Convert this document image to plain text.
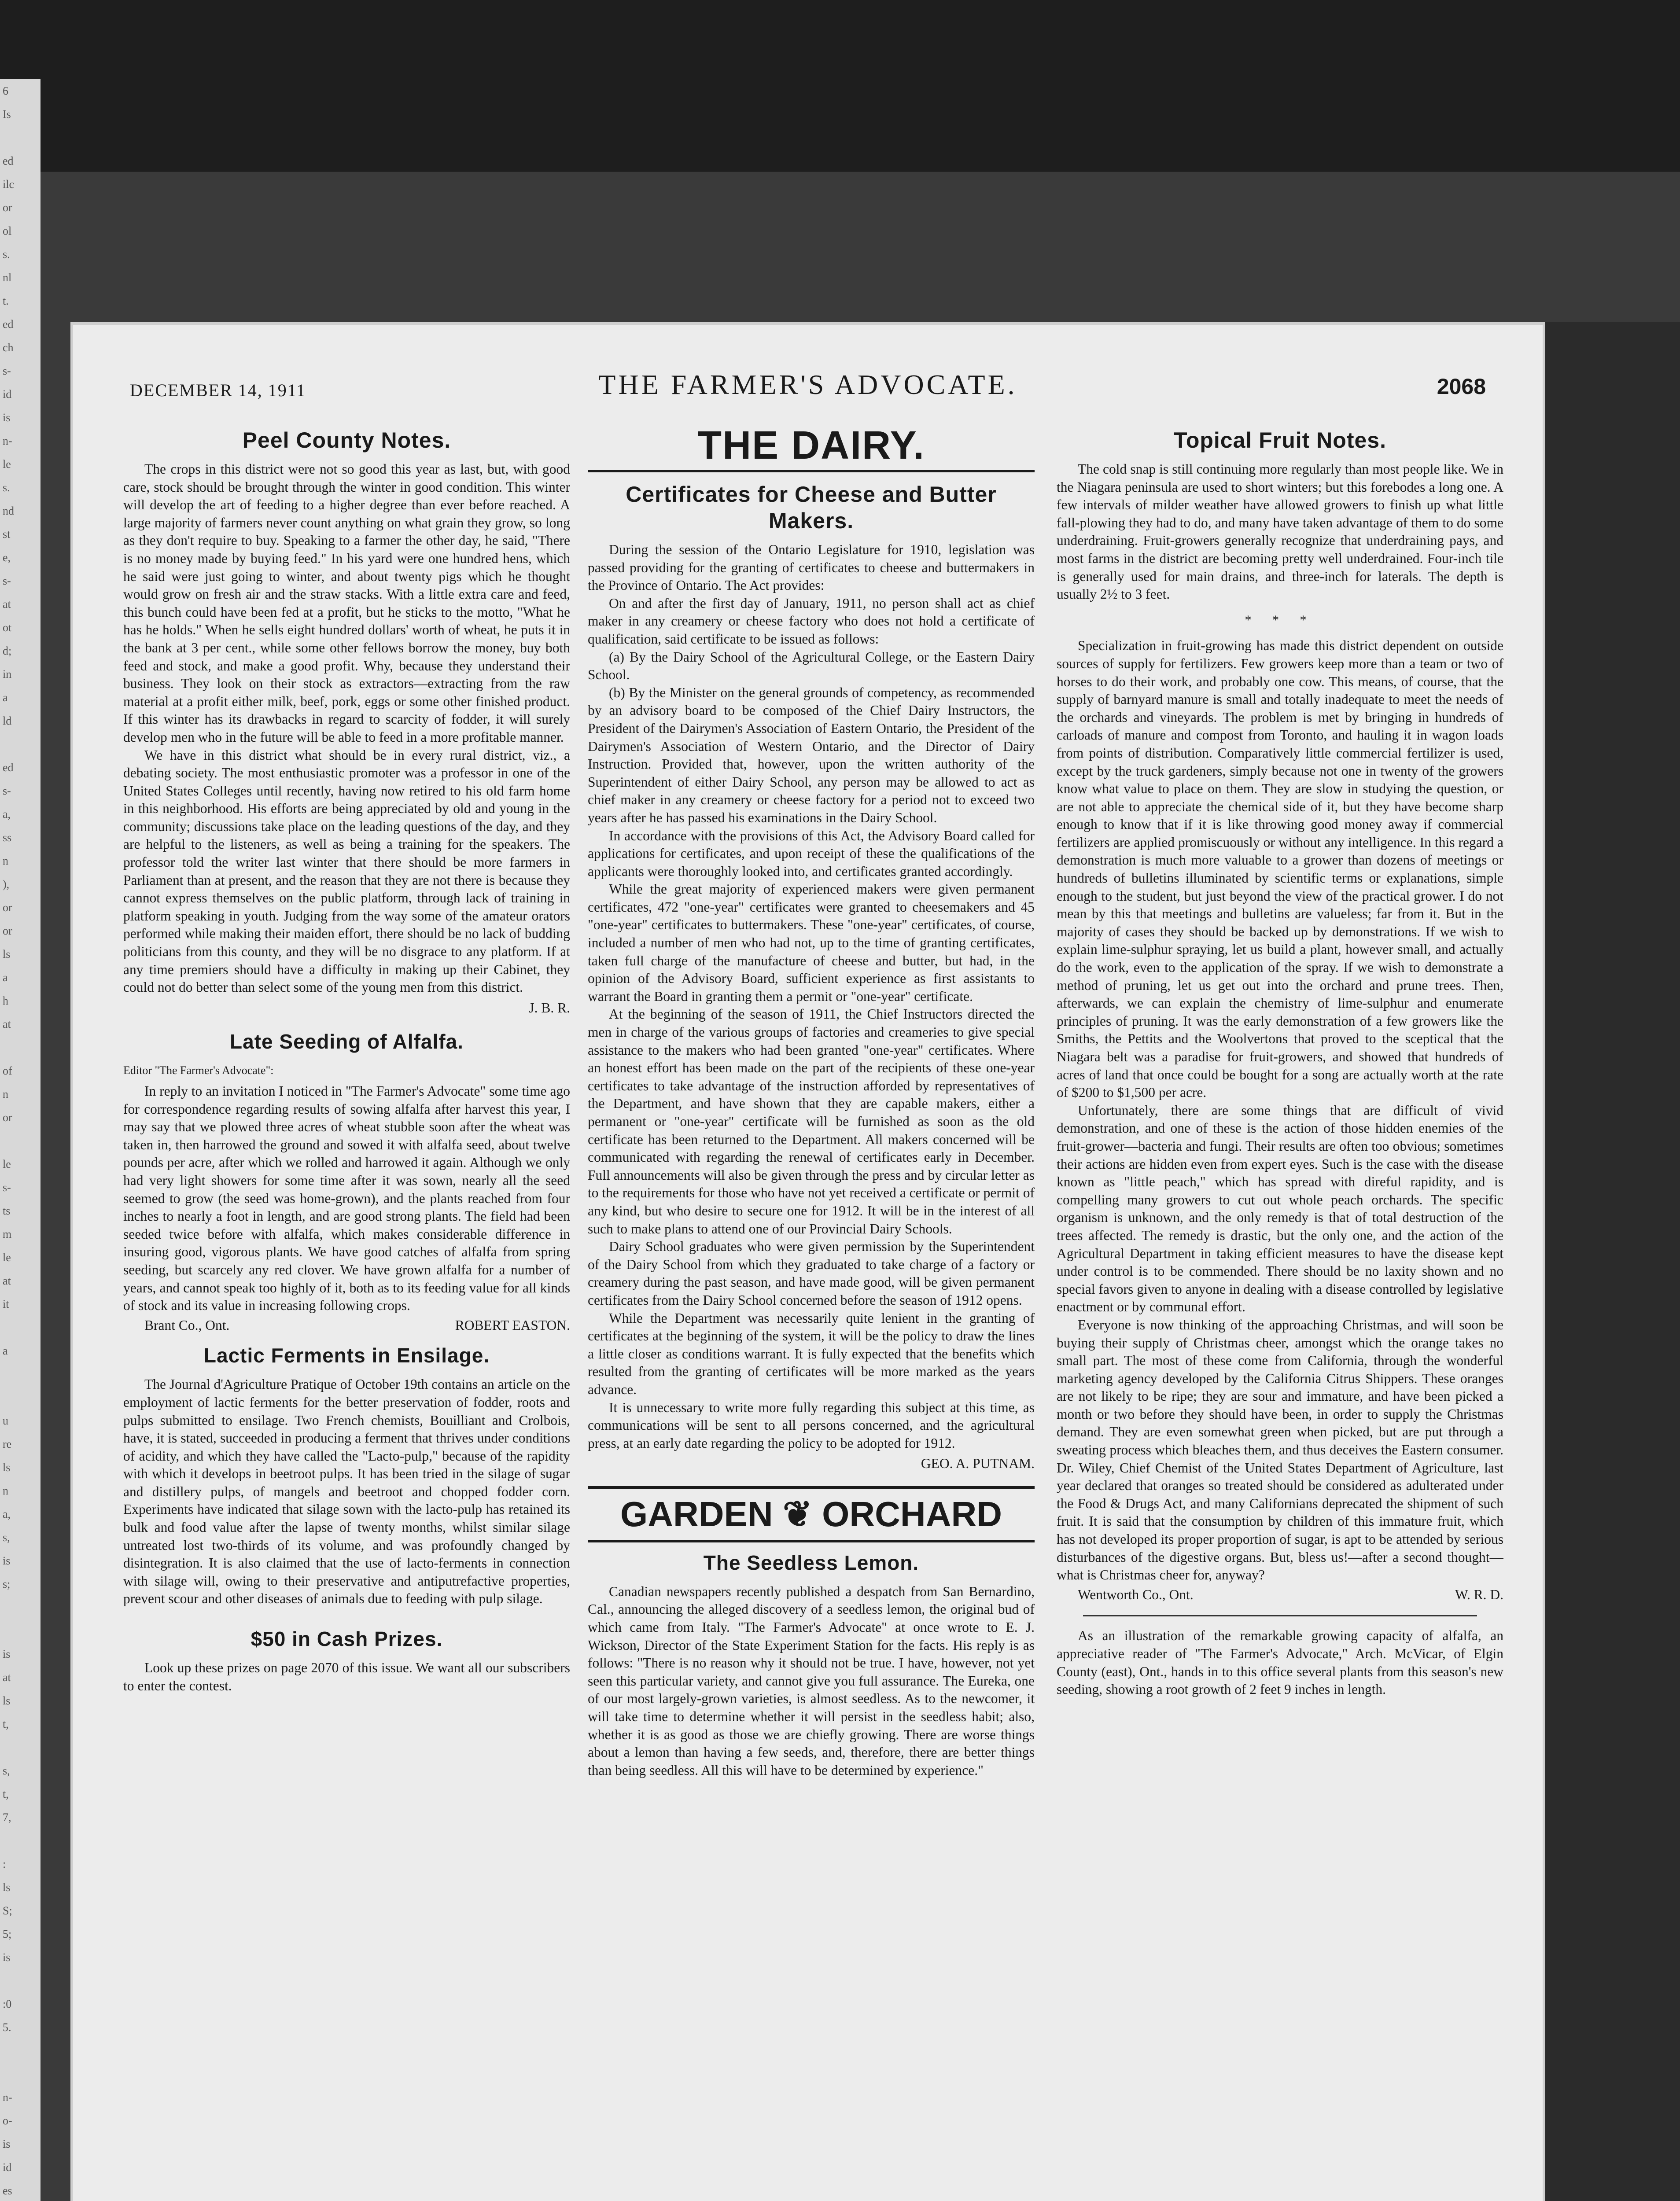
6
Is

ed
ilc
or
ol
s.
nl
t.
ed
ch
s-
id
is
n-
le
s.
nd
st
e,
s-
at
ot
d;
in
a
ld

ed
s-
a,
ss
n
),
or
or
ls
a
h
at

of
n
or

le
s-
ts
m
le
at
it

a

u
re
ls
n
a,
s,
is
s;

is
at
ls
t,

s,
t,
7,

:
ls
S;
5;
is

:0
5.

n-
o-
is
id
es
DECEMBER 14, 1911	THE FARMER'S ADVOCATE.	2068
Peel County Notes.

The crops in this district were not so good this year as last, but, with good care, stock should be brought through the winter in good condition. This winter will develop the art of feeding to a higher degree than ever before reached. A large majority of farmers never count anything on what grain they grow, so long as they don't require to buy. Speaking to a farmer the other day, he said, "There is no money made by buying feed." In his yard were one hundred hens, which he said were just going to winter, and about twenty pigs which he thought would grow on fresh air and the straw stacks. With a little extra care and feed, this bunch could have been fed at a profit, but he sticks to the motto, "What he has he holds." When he sells eight hundred dollars' worth of wheat, he puts it in the bank at 3 per cent., while some other fellows borrow the money, buy both feed and stock, and make a good profit. Why, because they understand their business. They look on their stock as extractors—extracting from the raw material at a profit either milk, beef, pork, eggs or some other finished product. If this winter has its drawbacks in regard to scarcity of fodder, it will surely develop men who in the future will be able to feed in a more profitable manner.

We have in this district what should be in every rural district, viz., a debating society. The most enthusiastic promoter was a professor in one of the United States Colleges until recently, having now retired to his old farm home in this neighborhood. His efforts are being appreciated by old and young in the community; discussions take place on the leading questions of the day, and they are helpful to the listeners, as well as being a training for the speakers. The professor told the writer last winter that there should be more farmers in Parliament than at present, and the reason that they are not there is because they cannot express themselves on the public platform, through lack of training in platform speaking in youth. Judging from the way some of the amateur orators performed while making their maiden effort, there should be no lack of budding politicians from this county, and they will be no disgrace to any platform. If at any time premiers should have a difficulty in making up their Cabinet, they could not do better than select some of the young men from this district.

J. B. R.

Late Seeding of Alfalfa.

Editor "The Farmer's Advocate":

In reply to an invitation I noticed in "The Farmer's Advocate" some time ago for correspondence regarding results of sowing alfalfa after harvest this year, I may say that we plowed three acres of wheat stubble soon after the wheat was taken in, then harrowed the ground and sowed it with alfalfa seed, about twelve pounds per acre, after which we rolled and harrowed it again. Although we only had very light showers for some time after it was sown, nearly all the seed seemed to grow (the seed was home-grown), and the plants reached from four inches to nearly a foot in length, and are good strong plants. The field had been seeded twice before with alfalfa, which makes considerable difference in insuring good, vigorous plants. We have good catches of alfalfa from spring seeding, but scarcely any red clover. We have grown alfalfa for a number of years, and cannot speak too highly of it, both as to its feeding value for all kinds of stock and its value in increasing following crops.

Brant Co., Ont.	ROBERT EASTON.
Lactic Ferments in Ensilage.

The Journal d'Agriculture Pratique of October 19th contains an article on the employment of lactic ferments for the better preservation of fodder, roots and pulps submitted to ensilage. Two French chemists, Bouilliant and Crolbois, have, it is stated, succeeded in producing a ferment that thrives under conditions of acidity, and which they have called the "Lacto-pulp," because of the rapidity with which it develops in beetroot pulps. It has been tried in the silage of sugar and distillery pulps, of mangels and beetroot and chopped fodder corn. Experiments have indicated that silage sown with the lacto-pulp has retained its bulk and food value after the lapse of twenty months, whilst similar silage untreated lost two-thirds of its volume, and was profoundly changed by disintegration. It is also claimed that the use of lacto-ferments in connection with silage will, owing to their preservative and antiputrefactive properties, prevent scour and other diseases of animals due to feeding with pulp silage.

$50 in Cash Prizes.

Look up these prizes on page 2070 of this issue. We want all our subscribers to enter the contest.

THE DAIRY.
Certificates for Cheese and Butter Makers.

During the session of the Ontario Legislature for 1910, legislation was passed providing for the granting of certificates to cheese and buttermakers in the Province of Ontario. The Act provides:

On and after the first day of January, 1911, no person shall act as chief maker in any creamery or cheese factory who does not hold a certificate of qualification, said certificate to be issued as follows:

(a) By the Dairy School of the Agricultural College, or the Eastern Dairy School.

(b) By the Minister on the general grounds of competency, as recommended by an advisory board to be composed of the Chief Dairy Instructors, the President of the Dairymen's Association of Eastern Ontario, the President of the Dairymen's Association of Western Ontario, and the Director of Dairy Instruction. Provided that, however, upon the written authority of the Superintendent of either Dairy School, any person may be allowed to act as chief maker in any creamery or cheese factory for a period not to exceed two years after he has passed his examinations in the Dairy School.

In accordance with the provisions of this Act, the Advisory Board called for applications for certificates, and upon receipt of these the qualifications of the applicants were thoroughly looked into, and certificates granted accordingly.

While the great majority of experienced makers were given permanent certificates, 472 "one-year" certificates were granted to cheesemakers and 45 "one-year" certificates to buttermakers. These "one-year" certificates, of course, included a number of men who had not, up to the time of granting certificates, taken full charge of the manufacture of cheese and butter, but had, in the opinion of the Advisory Board, sufficient experience as first assistants to warrant the Board in granting them a permit or "one-year" certificate.

At the beginning of the season of 1911, the Chief Instructors directed the men in charge of the various groups of factories and creameries to give special assistance to the makers who had been granted "one-year" certificates. Where an honest effort has been made on the part of the recipients of these one-year certificates to take advantage of the instruction afforded by representatives of the Department, and have shown that they are capable makers, either a permanent or "one-year" certificate will be furnished as soon as the old certificate has been returned to the Department. All makers concerned will be communicated with regarding the renewal of certificates early in December. Full announcements will also be given through the press and by circular letter as to the requirements for those who have not yet received a certificate or permit of any kind, but who desire to secure one for 1912. It will be in the interest of all such to make plans to attend one of our Provincial Dairy Schools.

Dairy School graduates who were given permission by the Superintendent of the Dairy School from which they graduated to take charge of a factory or creamery during the past season, and have made good, will be given permanent certificates from the Dairy School concerned before the season of 1912 opens.

While the Department was necessarily quite lenient in the granting of certificates at the beginning of the system, it will be the policy to draw the lines a little closer as conditions warrant. It is fully expected that the benefits which resulted from the granting of certificates will be more marked as the years advance.

It is unnecessary to write more fully regarding this subject at this time, as communications will be sent to all persons concerned, and the agricultural press, at an early date regarding the policy to be adopted for 1912.

GEO. A. PUTNAM.

GARDEN ❦ ORCHARD
The Seedless Lemon.

Canadian newspapers recently published a despatch from San Bernardino, Cal., announcing the alleged discovery of a seedless lemon, the original bud of which came from Italy. "The Farmer's Advocate" at once wrote to E. J. Wickson, Director of the State Experiment Station for the facts. His reply is as follows: "There is no reason why it should not be true. I have, however, not yet seen this particular variety, and cannot give you full assurance. The Eureka, one of our most largely-grown varieties, is almost seedless. As to the newcomer, it will take time to determine whether it will persist in the seedless habit; also, whether it is as good as those we are chiefly growing. There are worse things about a lemon than having a few seeds, and, therefore, there are better things than being seedless. All this will have to be determined by experience."

Topical Fruit Notes.

The cold snap is still continuing more regularly than most people like. We in the Niagara peninsula are used to short winters; but this forebodes a long one. A few intervals of milder weather have allowed growers to finish up what little fall-plowing they had to do, and many have taken advantage of them to do some underdraining. Fruit-growers generally recognize that underdraining pays, and most farms in the district are becoming pretty well underdrained. Four-inch tile is generally used for main drains, and three-inch for laterals. The depth is usually 2½ to 3 feet.

* * *

Specialization in fruit-growing has made this district dependent on outside sources of supply for fertilizers. Few growers keep more than a team or two of horses to do their work, and probably one cow. This means, of course, that the supply of barnyard manure is small and totally inadequate to meet the needs of the orchards and vineyards. The problem is met by bringing in hundreds of carloads of manure and compost from Toronto, and hauling it in wagon loads from points of distribution. Comparatively little commercial fertilizer is used, except by the truck gardeners, simply because not one in twenty of the growers know what value to place on them. They are slow in studying the question, or are not able to appreciate the chemical side of it, but they have become sharp enough to know that if it is like throwing good money away if commercial fertilizers are applied promiscuously or without any intelligence. In this regard a demonstration is much more valuable to a grower than dozens of meetings or hundreds of bulletins illuminated by scientific terms or explanations, simple enough to the student, but just beyond the view of the practical grower. I do not mean by this that meetings and bulletins are valueless; far from it. But in the majority of cases they should be backed up by demonstrations. If we wish to explain lime-sulphur spraying, let us build a plant, however small, and actually do the work, even to the application of the spray. If we wish to demonstrate a method of pruning, let us get out into the orchard and prune trees. Then, afterwards, we can explain the chemistry of lime-sulphur and enumerate principles of pruning. It was the early demonstration of a few growers like the Smiths, the Pettits and the Woolvertons that proved to the sceptical that the Niagara belt was a paradise for fruit-growers, and showed that hundreds of acres of land that once could be bought for a song are actually worth at the rate of $200 to $1,500 per acre.

Unfortunately, there are some things that are difficult of vivid demonstration, and one of these is the action of those hidden enemies of the fruit-grower—bacteria and fungi. Their results are often too obvious; sometimes their actions are hidden even from expert eyes. Such is the case with the disease known as "little peach," which has spread with direful rapidity, and is compelling many growers to cut out whole peach orchards. The specific organism is unknown, and the only remedy is that of total destruction of the trees affected. The remedy is drastic, but the only one, and the action of the Agricultural Department in taking efficient measures to have the disease kept under control is to be commended. There should be no laxity shown and no special favors given to anyone in dealing with a disease controlled by legislative enactment or by communal effort.

Everyone is now thinking of the approaching Christmas, and will soon be buying their supply of Christmas cheer, amongst which the orange takes no small part. The most of these come from California, through the wonderful marketing agency developed by the California Citrus Shippers. These oranges are not likely to be ripe; they are sour and immature, and have been picked a month or two before they should have been, in order to supply the Christmas demand. They are even somewhat green when picked, but are put through a sweating process which bleaches them, and thus deceives the Eastern consumer. Dr. Wiley, Chief Chemist of the United States Department of Agriculture, last year declared that oranges so treated should be considered as adulterated under the Food & Drugs Act, and many Californians deprecated the shipment of such fruit. It is said that the consumption by children of this immature fruit, which has not developed its proper proportion of sugar, is apt to be attended by serious disturbances of the digestive organs. But, bless us!—after a second thought—what is Christmas cheer for, anyway?

Wentworth Co., Ont.	W. R. D.

As an illustration of the remarkable growing capacity of alfalfa, an appreciative reader of "The Farmer's Advocate," Arch. McVicar, of Elgin County (east), Ont., hands in to this office several plants from this season's new seeding, showing a root growth of 2 feet 9 inches in length.
